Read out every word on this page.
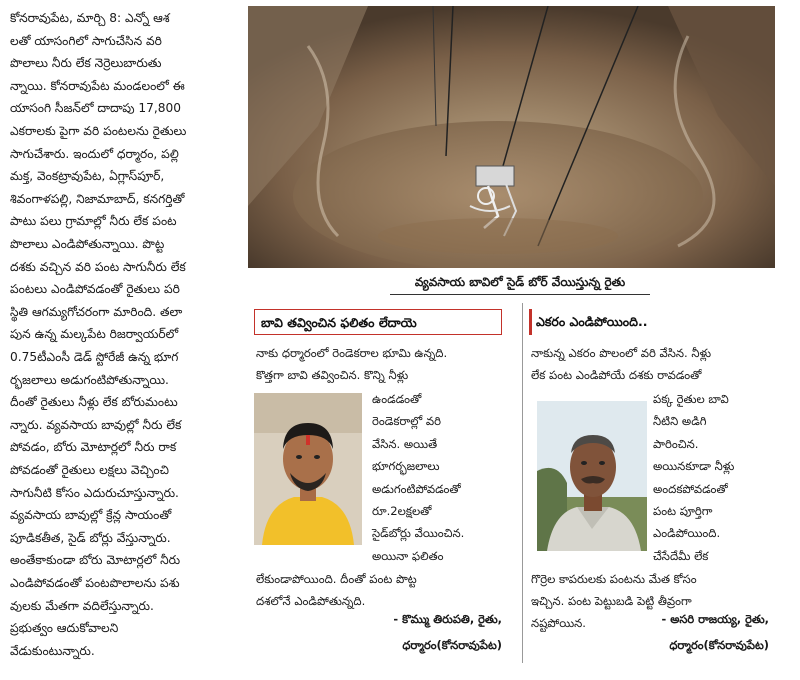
కోనరావుపేట, మార్చి 8: ఎన్నో ఆశ

లతో యాసంగిలో సాగుచేసిన వరి

పొలాలు నీరు లేక నెర్రెలుబారుతు

న్నాయి. కోనరావుపేట మండలంలో ఈ

యాసంగి సీజన్‌లో దాదాపు 17,800

ఎకరాలకు పైగా వరి పంటలను రైతులు

సాగుచేశారు. ఇందులో ధర్మారం, పల్లి

మక్త, వెంకట్రావుపేట, ఏగ్లాస్‌పూర్,

శివంగాళపల్లి, నిజామాబాద్, కనగర్తితో

పాటు పలు గ్రామాల్లో నీరు లేక పంట

పొలాలు ఎండిపోతున్నాయి. పొట్ట

దశకు వచ్చిన వరి పంట సాగునీరు లేక

పంటలు ఎండిపోవడంతో రైతులు పరి

స్థితి ఆగమ్యగోచరంగా మారింది. తలా

పున ఉన్న మల్కపేట రిజర్వాయర్‌లో

0.75టీఎంసీ డెడ్ స్టోరేజీ ఉన్న భూగ

ర్భజలాలు అడుగంటిపోతున్నాయి.

దీంతో రైతులు నీళ్లు లేక బోరుమంటు

న్నారు. వ్యవసాయ బావుల్లో నీరు లేక

పోవడం, బోరు మోటార్లలో నీరు రాక

పోవడంతో రైతులు లక్షలు వెచ్చించి

సాగునీటి కోసం ఎదురుచూస్తున్నారు.

వ్యవసాయ బావుల్లో క్రేన్ల సాయంతో

పూడికతీత, సైడ్ బోర్లు వేస్తున్నారు.

అంతేకాకుండా బోరు మోటార్లలో నీరు

ఎండిపోవడంతో పంటపొలాలను పశు

వులకు మేతగా వదిలేస్తున్నారు.

ప్రభుత్వం ఆదుకోవాలని

వేడుకుంటున్నారు.

వ్యవసాయ బావిలో సైడ్ బోర్ వేయిస్తున్న రైతు
బావి తవ్వించిన ఫలితం లేదాయె
- కొమ్ము తిరుపతి, రైతు,
ధర్మారం(కోనరావుపేట)
నాకు ధర్మారంలో రెండెకరాల భూమి ఉన్నది.
కొత్తగా బావి తవ్వించిన. కొన్ని నీళ్లు
ఉండడంతో
రెండెకరాల్లో వరి
వేసిన. అయితే
భూగర్భజలాలు
అడుగంటిపోవడంతో
రూ.2లక్షలతో
సైడ్‌బోర్లు వేయించిన.
అయినా ఫలితం
లేకుండాపోయింది. దీంతో పంట పొట్ట
దశలోనే ఎండిపోతున్నది.
ఎకరం ఎండిపోయింది..
- అసరి రాజయ్య, రైతు,
ధర్మారం(కోనరావుపేట)
నాకున్న ఎకరం పొలంలో వరి వేసిన. నీళ్లు
లేక పంట ఎండిపోయే దశకు రావడంతో
పక్క రైతుల బావి
నీటిని అడిగి
పారించిన.
అయినకూడా నీళ్లు
అందకపోవడంతో
పంట పూర్తిగా
ఎండిపోయింది.
చేసేదేమీ లేక
గొర్రెల కాపరులకు పంటను మేత కోసం
ఇచ్చిన. పంట పెట్టుబడి పెట్టి తీవ్రంగా
నష్టపోయిన.
